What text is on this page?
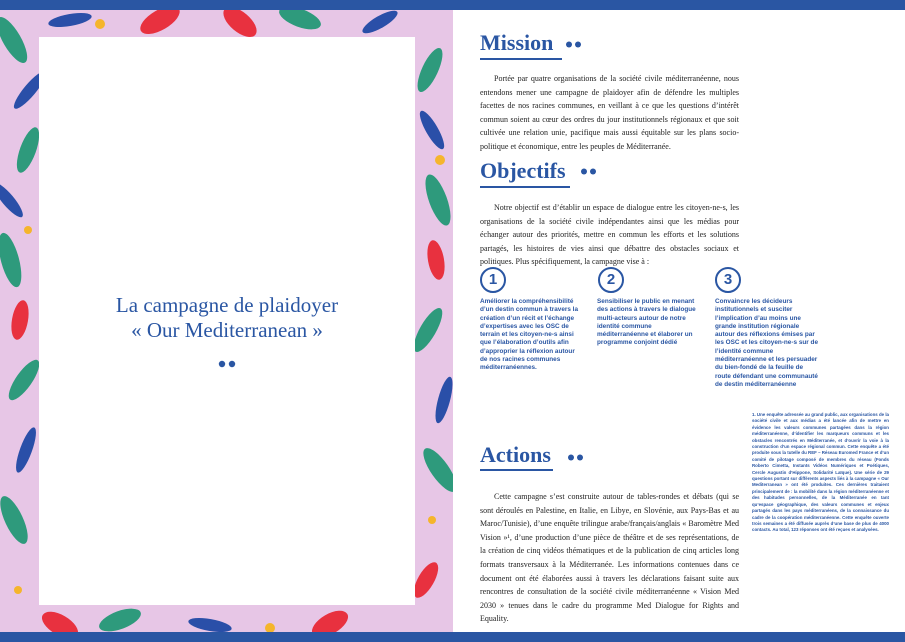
La campagne de plaidoyer
« Our Mediterranean »
Mission

Portée par quatre organisations de la société civile méditerranéenne, nous entendons mener une campagne de plaidoyer afin de défendre les multiples facettes de nos racines communes, en veillant à ce que les questions d’intérêt commun soient au cœur des ordres du jour institutionnels régionaux et que soit cultivée une relation unie, pacifique mais aussi équitable sur les plans socio-politique et économique, entre les peuples de Méditerranée.

Objectifs

Notre objectif est d’établir un espace de dialogue entre les citoyen-ne-s, les organisations de la société civile indépendantes ainsi que les médias pour échanger autour des priorités, mettre en commun les efforts et les solutions partagés, les histoires de vies ainsi que débattre des obstacles sociaux et politiques. Plus spécifiquement, la campagne vise à :

1

Améliorer la compréhensibilité d’un destin commun à travers la création d’un récit et l’échange d’expertises avec les OSC de terrain et les citoyen-ne-s ainsi que l’élaboration d’outils afin d’approprier la réflexion autour de nos racines communes méditerranéennes.

2

Sensibiliser le public en menant des actions à travers le dialogue multi-acteurs autour de notre identité commune méditerranéenne et élaborer un programme conjoint dédié

3

Convaincre les décideurs institutionnels et susciter l’implication d’au moins une grande institution régionale autour des réflexions émises par les OSC et les citoyen-ne-s sur de l’identité commune méditerranéenne et les persuader du bien-fondé de la feuille de route défendant une communauté de destin méditerranéenne

1. Une enquête adressée au grand public, aux organisations de la société civile et aux médias a été lancée afin de mettre en évidence les valeurs communes partagées dans la région méditerranéenne, d’identifier les marqueurs communs et les obstacles rencontrés en Méditerranée, et d’ouvrir la voie à la construction d’un espace régional commun. Cette enquête a été produite sous la tutelle du REF – Réseau Euromed France et d’un comité de pilotage composé de membres du réseau (Fonds Roberto Cimetta, Instants Vidéos Numériques et Poétiques, Cercle Augustin d’Hippone, Solidarité Laïque). Une série de 29 questions portant sur différents aspects liés à la campagne « Our Mediterranean » ont été produites. Ces dernières traitaient principalement de : la mobilité dans la région méditerranéenne et des habitudes personnelles, de la Méditerranée en tant qu’espace géographique, des valeurs communes et enjeux partagés dans les pays méditerranéens, de la connaissance du cadre de la coopération méditerranéenne. Cette enquête ouverte trois semaines a été diffusée auprès d’une base de plus de 4000 contacts. Au total, 123 réponses ont été reçues et analysées.

Actions

Cette campagne s’est construite autour de tables-rondes et débats (qui se sont déroulés en Palestine, en Italie, en Libye, en Slovénie, aux Pays-Bas et au Maroc/Tunisie), d’une enquête trilingue arabe/français/anglais « Baromètre Med Vision »¹, d’une production d’une pièce de théâtre et de ses représentations, de la création de cinq vidéos thématiques et de la publication de cinq articles long formats transversaux à la Méditerranée. Les informations contenues dans ce document ont été élaborées aussi à travers les déclarations faisant suite aux rencontres de consultation de la société civile méditerranéenne « Vision Med 2030 » tenues dans le cadre du programme Med Dialogue for Rights and Equality.
